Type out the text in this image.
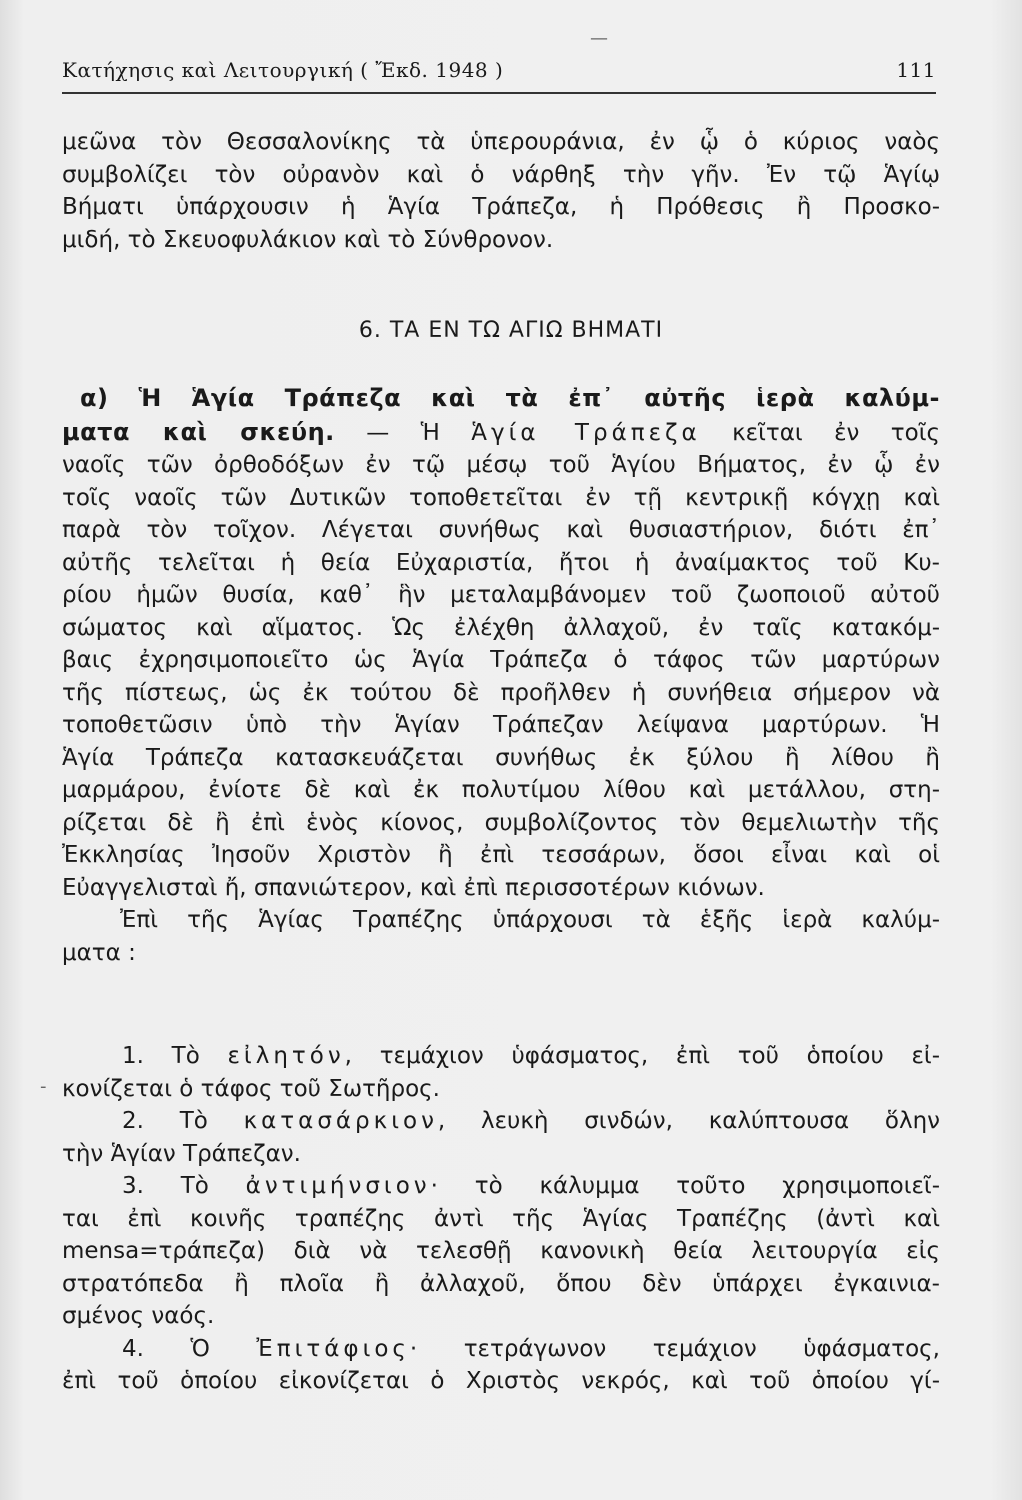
Κατήχησις καὶ Λειτουργική ( Ἔκδ. 1948 )	111
μεῶνα τὸν Θεσσαλονίκης τὰ ὑπερουράνια, ἐν ᾧ ὁ κύριος ναὸς
συμβολίζει τὸν οὐρανὸν καὶ ὁ νάρθηξ τὴν γῆν. Ἐν τῷ Ἁγίῳ
Βήματι ὑπάρχουσιν ἡ Ἁγία Τράπεζα, ἡ Πρόθεσις ἢ Προσκο-
μιδή, τὸ Σκευοφυλάκιον καὶ τὸ Σύνθρονον.
6. ΤΑ ΕΝ ΤΩ ΑΓΙΩ ΒΗΜΑΤΙ
α) Ἡ Ἁγία Τράπεζα καὶ τὰ ἐπ᾽ αὐτῆς ἱερὰ καλύμ-
ματα καὶ σκεύη. — Ἡ Ἁγία Τράπεζα κεῖται ἐν τοῖς
ναοῖς τῶν ὀρθοδόξων ἐν τῷ μέσῳ τοῦ Ἁγίου Βήματος, ἐν ᾧ ἐν
τοῖς ναοῖς τῶν Δυτικῶν τοποθετεῖται ἐν τῇ κεντρικῇ κόγχῃ καὶ
παρὰ τὸν τοῖχον. Λέγεται συνήθως καὶ θυσιαστήριον, διότι ἐπ᾽
αὐτῆς τελεῖται ἡ θεία Εὐχαριστία, ἤτοι ἡ ἀναίμακτος τοῦ Κυ-
ρίου ἡμῶν θυσία, καθ᾽ ἣν μεταλαμβάνομεν τοῦ ζωοποιοῦ αὐτοῦ
σώματος καὶ αἵματος. Ὡς ἐλέχθη ἀλλαχοῦ, ἐν ταῖς κατακόμ-
βαις ἐχρησιμοποιεῖτο ὡς Ἁγία Τράπεζα ὁ τάφος τῶν μαρτύρων
τῆς πίστεως, ὡς ἐκ τούτου δὲ προῆλθεν ἡ συνήθεια σήμερον νὰ
τοποθετῶσιν ὑπὸ τὴν Ἁγίαν Τράπεζαν λείψανα μαρτύρων. Ἡ
Ἁγία Τράπεζα κατασκευάζεται συνήθως ἐκ ξύλου ἢ λίθου ἢ
μαρμάρου, ἐνίοτε δὲ καὶ ἐκ πολυτίμου λίθου καὶ μετάλλου, στη-
ρίζεται δὲ ἢ ἐπὶ ἑνὸς κίονος, συμβολίζοντος τὸν θεμελιωτὴν τῆς
Ἐκκλησίας Ἰησοῦν Χριστὸν ἢ ἐπὶ τεσσάρων, ὅσοι εἶναι καὶ οἱ
Εὐαγγελισταὶ ἤ, σπανιώτερον, καὶ ἐπὶ περισσοτέρων κιόνων.
Ἐπὶ τῆς Ἁγίας Τραπέζης ὑπάρχουσι τὰ ἑξῆς ἱερὰ καλύμ-
ματα :
1. Τὸ εἰλητόν, τεμάχιον ὑφάσματος, ἐπὶ τοῦ ὁποίου εἰ-
κονίζεται ὁ τάφος τοῦ Σωτῆρος.
2. Τὸ κατασάρκιον, λευκὴ σινδών, καλύπτουσα ὅλην
τὴν Ἁγίαν Τράπεζαν.
3. Τὸ ἀντιμήνσιον· τὸ κάλυμμα τοῦτο χρησιμοποιεῖ-
ται ἐπὶ κοινῆς τραπέζης ἀντὶ τῆς Ἁγίας Τραπέζης (ἀντὶ καὶ
mensa=τράπεζα) διὰ νὰ τελεσθῇ κανονικὴ θεία λειτουργία εἰς
στρατόπεδα ἢ πλοῖα ἢ ἀλλαχοῦ, ὅπου δὲν ὑπάρχει ἐγκαινια-
σμένος ναός.
4. Ὁ Ἐπιτάφιος· τετράγωνον τεμάχιον ὑφάσματος,
ἐπὶ τοῦ ὁποίου εἰκονίζεται ὁ Χριστὸς νεκρός, καὶ τοῦ ὁποίου γί-
—
-
